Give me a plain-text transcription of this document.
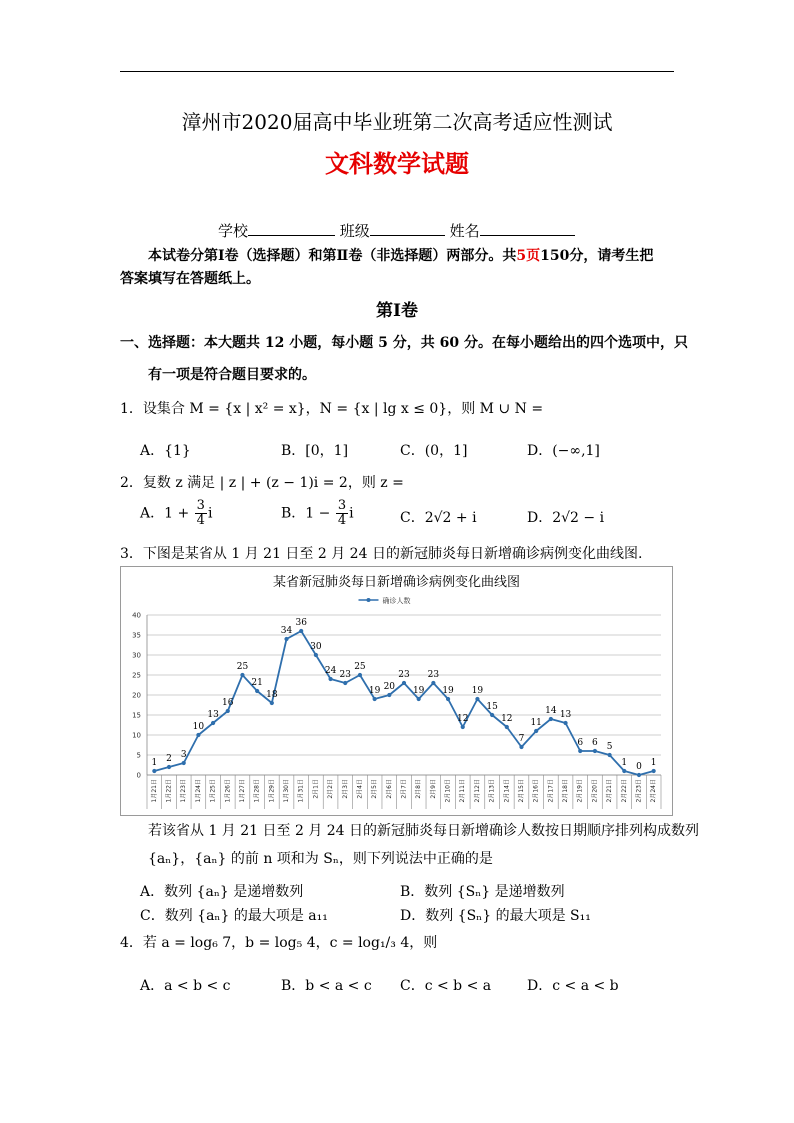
漳州市2020届高中毕业班第二次高考适应性测试
文科数学试题
学校	班级	姓名
本试卷分第Ⅰ卷（选择题）和第Ⅱ卷（非选择题）两部分。共5页150分，请考生把
答案填写在答题纸上。
第Ⅰ卷
一、选择题：本大题共 12 小题，每小题 5 分，共 60 分。在每小题给出的四个选项中，只
有一项是符合题目要求的。
1．设集合 M = {x | x² = x}，N = {x | lg x ≤ 0}，则 M ∪ N =
A．{1}	B．[0，1]	C．(0，1]	D．(−∞,1]
2．复数 z 满足 | z | + (z − 1)i = 2，则 z =
A．$1 + \frac{3}{4}$ i	B．$1 - \frac{3}{4}$ i	C．2√2 + i	D．2√2 − i
3．下图是某省从 1 月 21 日至 2 月 24 日的新冠肺炎每日新增确诊病例变化曲线图.
某省新冠肺炎每日新增确诊病例变化曲线图
确诊人数
0
5
10
15
20
25
30
35
40
1月21日 1月22日 1月23日 1月24日 1月25日 1月26日 1月27日 1月28日 1月29日 1月30日 1月31日 2月1日 2月2日 2月3日 2月4日 2月5日 2月6日 2月7日 2月8日 2月9日 2月10日 2月11日 2月12日 2月13日 2月14日 2月15日 2月16日 2月17日 2月18日 2月19日 2月20日 2月21日 2月22日 2月23日 2月24日
1 2 3
10
13
16
25
21
18
34
36
30
24 23
25
19 20
23
19
23
19
12
19
15
12
7
11
14 13
6 6 5
1 0 1
若该省从 1 月 21 日至 2 月 24 日的新冠肺炎每日新增确诊人数按日期顺序排列构成数列
{aₙ}，{aₙ} 的前 n 项和为 Sₙ，则下列说法中正确的是
A．数列 {aₙ} 是递增数列	B．数列 {Sₙ} 是递增数列
C．数列 {aₙ} 的最大项是 a₁₁	D．数列 {Sₙ} 的最大项是 S₁₁
4．若 a = log₆ 7，b = log₅ 4，c = log₁/₃ 4，则
A．a < b < c	B．b < a < c C．c < b < a	D．c < a < b
